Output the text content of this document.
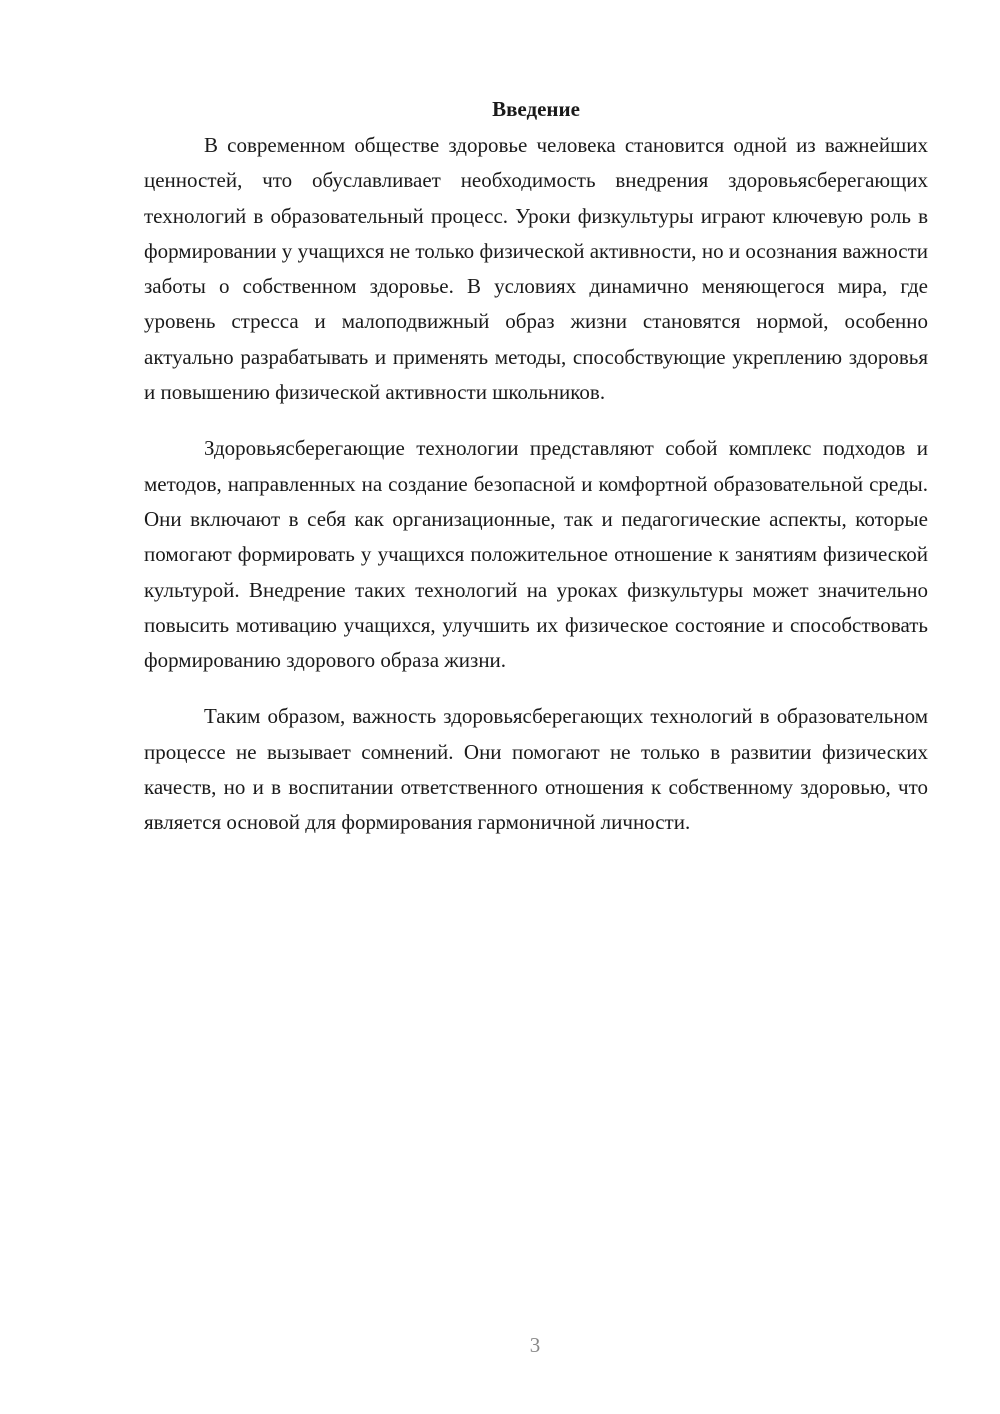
Введение

В современном обществе здоровье человека становится одной из важнейших ценностей, что обуславливает необходимость внедрения здоровьясберегающих технологий в образовательный процесс. Уроки физкультуры играют ключевую роль в формировании у учащихся не только физической активности, но и осознания важности заботы о собственном здоровье. В условиях динамично меняющегося мира, где уровень стресса и малоподвижный образ жизни становятся нормой, особенно актуально разрабатывать и применять методы, способствующие укреплению здоровья и повышению физической активности школьников.

Здоровьясберегающие технологии представляют собой комплекс подходов и методов, направленных на создание безопасной и комфортной образовательной среды. Они включают в себя как организационные, так и педагогические аспекты, которые помогают формировать у учащихся положительное отношение к занятиям физической культурой. Внедрение таких технологий на уроках физкультуры может значительно повысить мотивацию учащихся, улучшить их физическое состояние и способствовать формированию здорового образа жизни.

Таким образом, важность здоровьясберегающих технологий в образовательном процессе не вызывает сомнений. Они помогают не только в развитии физических качеств, но и в воспитании ответственного отношения к собственному здоровью, что является основой для формирования гармоничной личности.

3
